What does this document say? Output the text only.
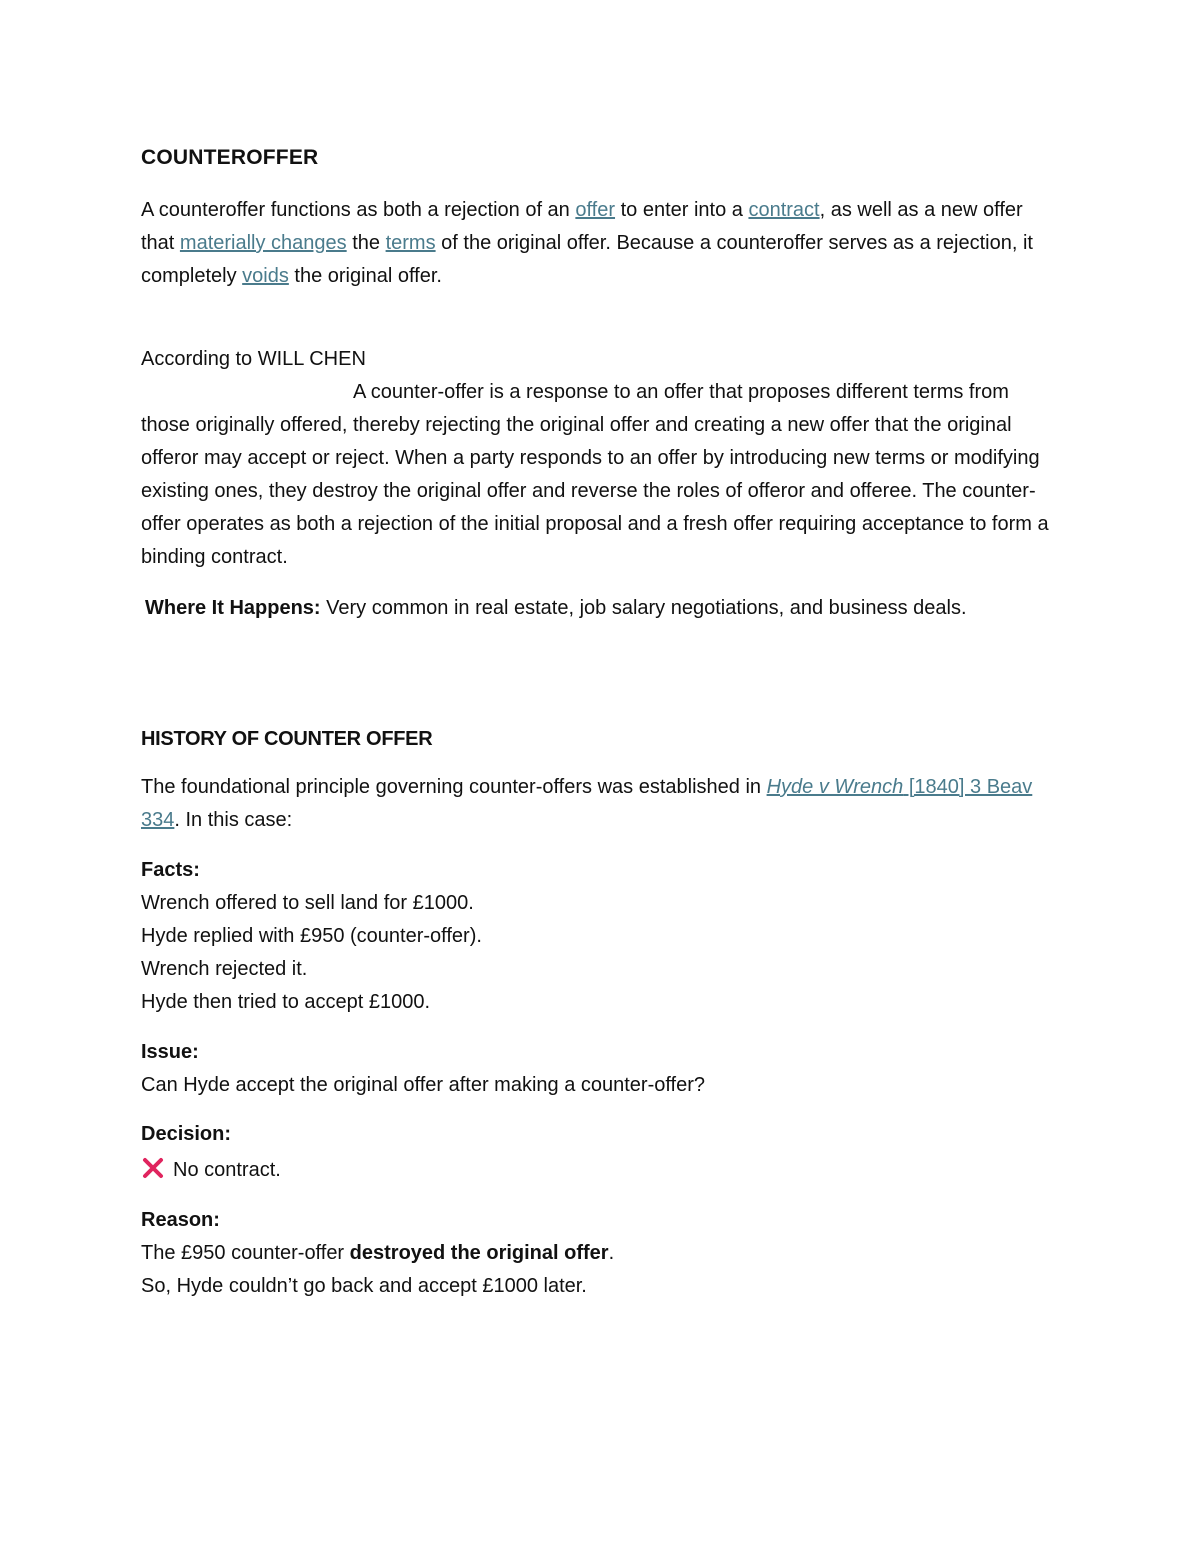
COUNTEROFFER

A counteroffer functions as both a rejection of an offer to enter into a contract, as well as a new offer that materially changes the terms of the original offer. Because a counteroffer serves as a rejection, it completely voids the original offer.

According to WILL CHEN

A counter-offer is a response to an offer that proposes different terms from those originally offered, thereby rejecting the original offer and creating a new offer that the original offeror may accept or reject. When a party responds to an offer by introducing new terms or modifying existing ones, they destroy the original offer and reverse the roles of offeror and offeree. The counter-offer operates as both a rejection of the initial proposal and a fresh offer requiring acceptance to form a binding contract.

Where It Happens: Very common in real estate, job salary negotiations, and business deals.

HISTORY OF COUNTER OFFER

The foundational principle governing counter-offers was established in Hyde v Wrench [1840] 3 Beav 334. In this case:

Facts:

Wrench offered to sell land for £1000.

Hyde replied with £950 (counter-offer).

Wrench rejected it.

Hyde then tried to accept £1000.

Issue:

Can Hyde accept the original offer after making a counter-offer?

Decision:

No contract.

Reason:

The £950 counter-offer destroyed the original offer.

So, Hyde couldn’t go back and accept £1000 later.
